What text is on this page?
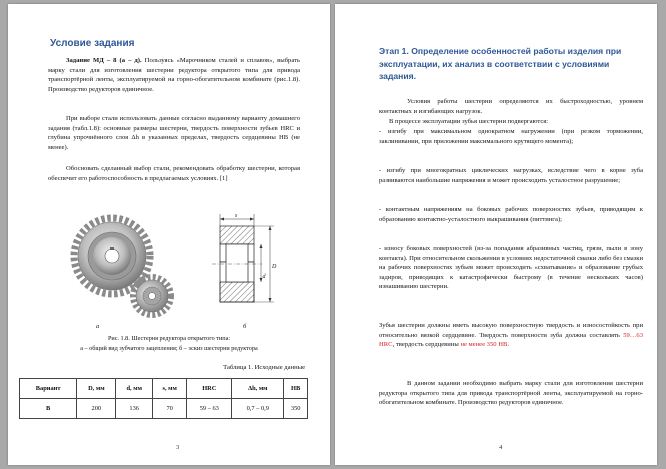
Условие задания

Задание МД – 8 (а – д). Пользуясь «Марочником сталей и сплавов», выбрать марку стали для изготовления шестерни редуктора открытого типа для привода транспортёрной ленты, эксплуатируемой на горно-обогатительном комбинате (рис.1.8). Производство редукторов единичное.

При выборе стали использовать данные согласно выданному варианту домашнего задания (табл.1.8): основные размеры шестерни, твердость поверхности зубьев HRC и глубина упрочнённого слоя Δh в указанных пределах, твердость сердцевины HB (не менее).

Обосновать сделанный выбор стали, рекомендовать обработку шестерни, которая обеспечит его работоспособность в предлагаемых условиях. [1]

а
s
D
d
б

Рис. 1.8. Шестерня редуктора открытого типа:

а – общий вид зубчатого зацепления; б – эскиз шестерни редуктора

Таблица 1. Исходные данные

Вариант	D, мм	d, мм	s, мм	HRC	Δh, мм	HB
В	200	136	70	59 – 63	0,7 – 0,9	350
3
Этап 1. Определение особенностей работы изделия при эксплуатации, их анализ в соответствии с условиями задания.

Условия работы шестерни определяются их быстроходностью, уровнем контактных и изгибающих нагрузок.

В процессе эксплуатации зубья шестерни подвергаются:

- изгибу при максимальном однократном нагружении (при резком торможении, заклинивании, при приложении максимального крутящего момента);

- изгибу при многократных циклических нагрузках, вследствие чего в корне зуба развиваются наибольшие напряжения и может происходить усталостное разрушение;

- контактным напряжениям на боковых рабочих поверхностях зубьев, приводящим к образованию контактно-усталостного выкрашивания (питтинга);

- износу боковых поверхностей (из-за попадания абразивных частиц, грязи, пыли в зону контакта). При относительном скольжении в условиях недостаточной смазки либо без смазки на рабочих поверхностях зубьев может происходить «схватывание» и образование грубых задиров, приводящих к катастрофически быстрому (в течение нескольких часов) изнашиванию шестерни.

Зубья шестерни должны иметь высокую поверхностную твердость и износостойкость при относительно вязкой сердцевине. Твердость поверхности зуба должна составлять 59…63 HRC, твердость сердцевины не менее 350 HB.

В данном задании необходимо выбрать марку стали для изготовления шестерни редуктора открытого типа для привода транспортёрной ленты, эксплуатируемой на горно-обогатительном комбинате. Производство редукторов единичное.

4
